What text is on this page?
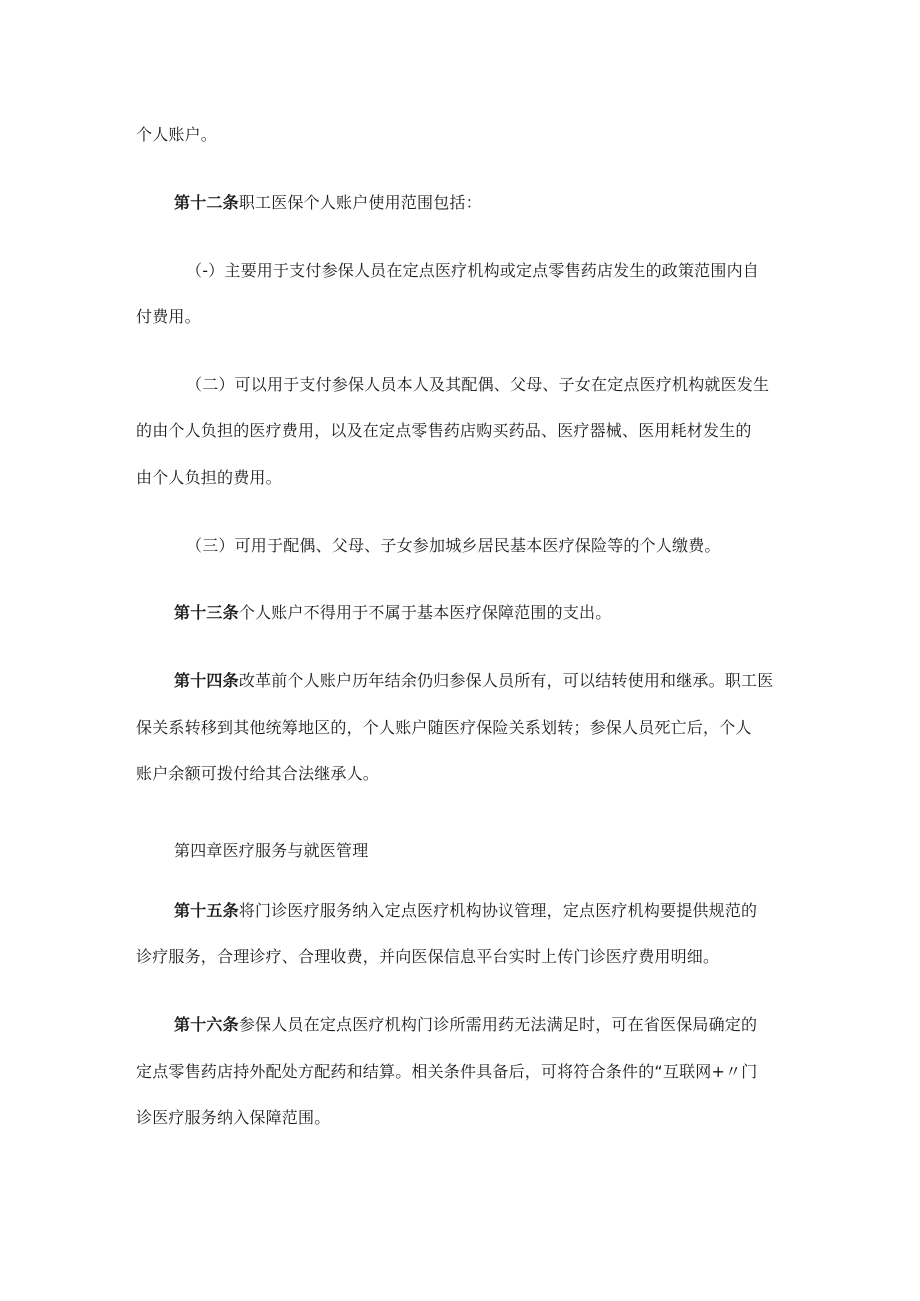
个人账户。
第十二条职工医保个人账户使用范围包括：
（-）主要用于支付参保人员在定点医疗机构或定点零售药店发生的政策范围内自
付费用。
（二）可以用于支付参保人员本人及其配偶、父母、子女在定点医疗机构就医发生
的由个人负担的医疗费用，以及在定点零售药店购买药品、医疗器械、医用耗材发生的
由个人负担的费用。
（三）可用于配偶、父母、子女参加城乡居民基本医疗保险等的个人缴费。
第十三条个人账户不得用于不属于基本医疗保障范围的支出。
第十四条改革前个人账户历年结余仍归参保人员所有，可以结转使用和继承。职工医
保关系转移到其他统筹地区的，个人账户随医疗保险关系划转；参保人员死亡后，个人
账户余额可拨付给其合法继承人。
第四章医疗服务与就医管理
第十五条将门诊医疗服务纳入定点医疗机构协议管理，定点医疗机构要提供规范的
诊疗服务，合理诊疗、合理收费，并向医保信息平台实时上传门诊医疗费用明细。
第十六条参保人员在定点医疗机构门诊所需用药无法满足时，可在省医保局确定的
定点零售药店持外配处方配药和结算。相关条件具备后，可将符合条件的“互联网+〃门
诊医疗服务纳入保障范围。
